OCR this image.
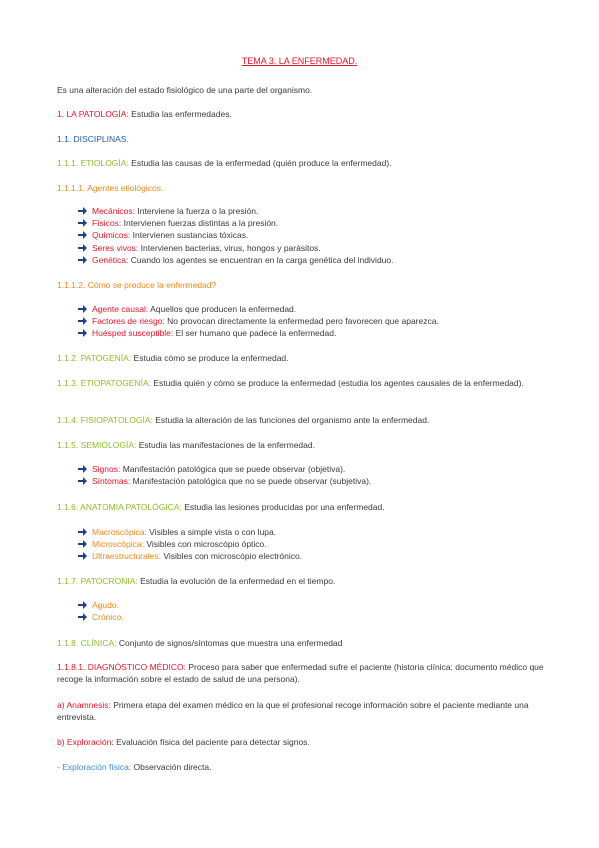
TEMA 3. LA ENFERMEDAD.
Es una alteración del estado fisiológico de una parte del organismo.
1. LA PATOLOGÍA: Estudia las enfermedades.
1.1. DISCIPLINAS.
1.1.1. ETIOLOGÍA: Estudia las causas de la enfermedad (quién produce la enfermedad).
1.1.1.1. Agentes etiológicos.
Mecánicos: Interviene la fuerza o la presión.
Físicos: Intervienen fuerzas distintas a la presión.
Químicos: Intervienen sustancias tóxicas.
Seres vivos: Intervienen bacterias, virus, hongos y parásitos.
Genética: Cuando los agentes se encuentran en la carga genética del individuo.
1.1.1.2. Cómo se produce la enfermedad?
Agente causal: Aquellos que producen la enfermedad.
Factores de riesgo: No provocan directamente la enfermedad pero favorecen que aparezca.
Huésped susceptible: El ser humano que padece la enfermedad.
1.1.2. PATOGENÍA: Estudia cómo se produce la enfermedad.
1.1.3. ETIOPATOGENÍA: Estudia quién y cómo se produce la enfermedad (estudia los agentes causales de la enfermedad).
1.1.4. FISIOPATOLOGÍA: Estudia la alteración de las funciones del organismo ante la enfermedad.
1.1.5. SEMIOLOGÍA: Estudia las manifestaciones de la enfermedad.
Signos: Manifestación patológica que se puede observar (objetiva).
Síntomas: Manifestación patológica que no se puede observar (subjetiva).
1.1.6. ANATOMIA PATOLÓGICA: Estudia las lesiones producidas por una enfermedad.
Macroscópica: Visibles a simple vista o con lupa.
Microscópica: Visibles con microscópio óptico.
Ultraestructurales: Visibles con microscópio electrónico.
1.1.7. PATOCRONIA: Estudia la evolución de la enfermedad en el tiempo.
Agudo.
Crónico.
1.1.8. CLÍNICA: Conjunto de signos/síntomas que muestra una enfermedad
1.1.8.1. DIAGNÓSTICO MÉDICO: Proceso para saber que enfermedad sufre el paciente (historia clínica: documento médico que recoge la información sobre el estado de salud de una persona).
a) Anamnesis: Primera etapa del examen médico en la que el profesional recoge información sobre el paciente mediante una entrevista.
b) Exploración: Evaluación física del paciente para detectar signos.
- Exploración física: Observación directa.
